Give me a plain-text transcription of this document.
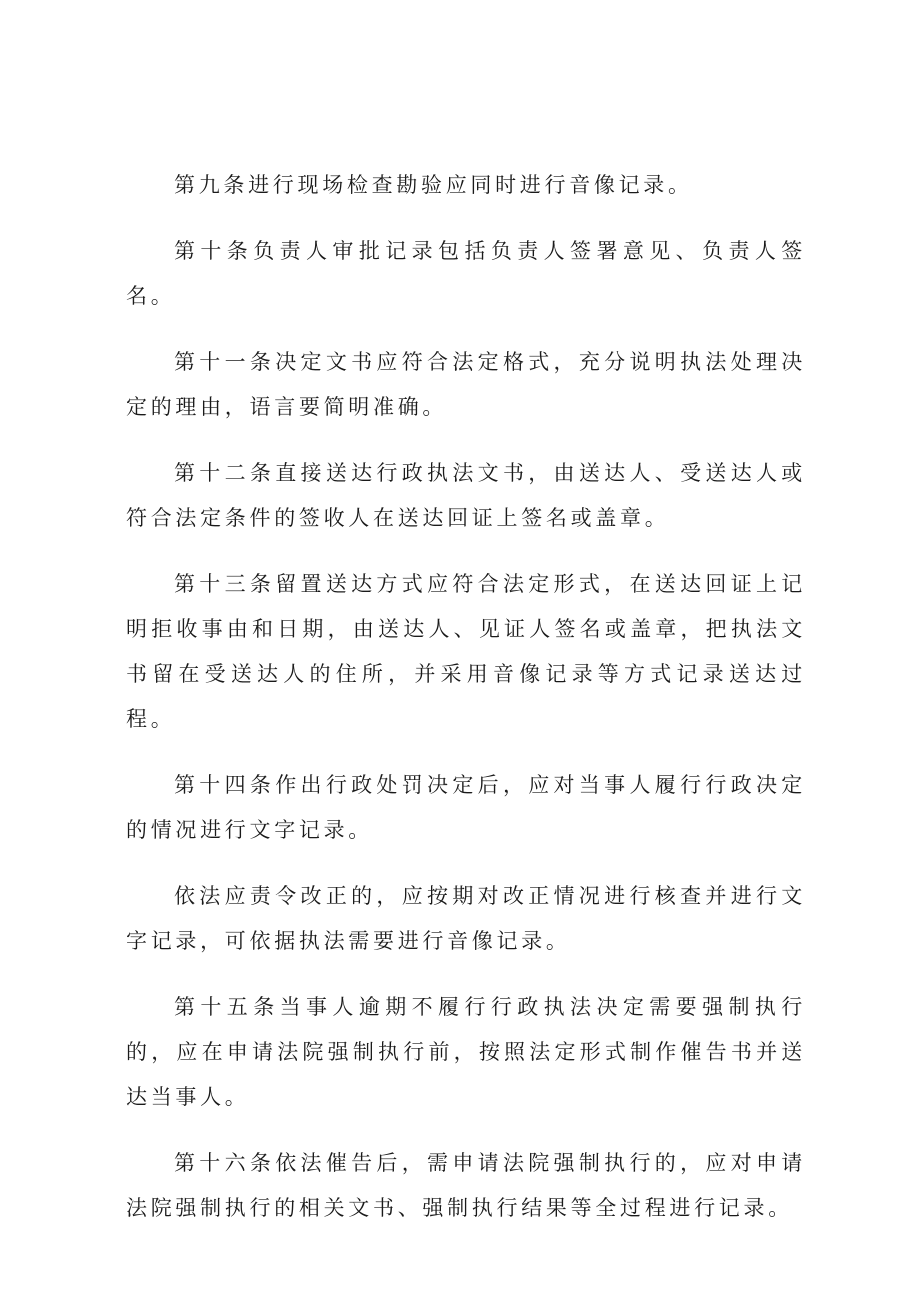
第九条进行现场检查勘验应同时进行音像记录。

第十条负责人审批记录包括负责人签署意见、负责人签名。

第十一条决定文书应符合法定格式，充分说明执法处理决定的理由，语言要简明准确。

第十二条直接送达行政执法文书，由送达人、受送达人或符合法定条件的签收人在送达回证上签名或盖章。

第十三条留置送达方式应符合法定形式，在送达回证上记明拒收事由和日期，由送达人、见证人签名或盖章，把执法文书留在受送达人的住所，并采用音像记录等方式记录送达过程。

第十四条作出行政处罚决定后，应对当事人履行行政决定的情况进行文字记录。

依法应责令改正的，应按期对改正情况进行核查并进行文字记录，可依据执法需要进行音像记录。

第十五条当事人逾期不履行行政执法决定需要强制执行的，应在申请法院强制执行前，按照法定形式制作催告书并送达当事人。

第十六条依法催告后，需申请法院强制执行的，应对申请法院强制执行的相关文书、强制执行结果等全过程进行记录。
